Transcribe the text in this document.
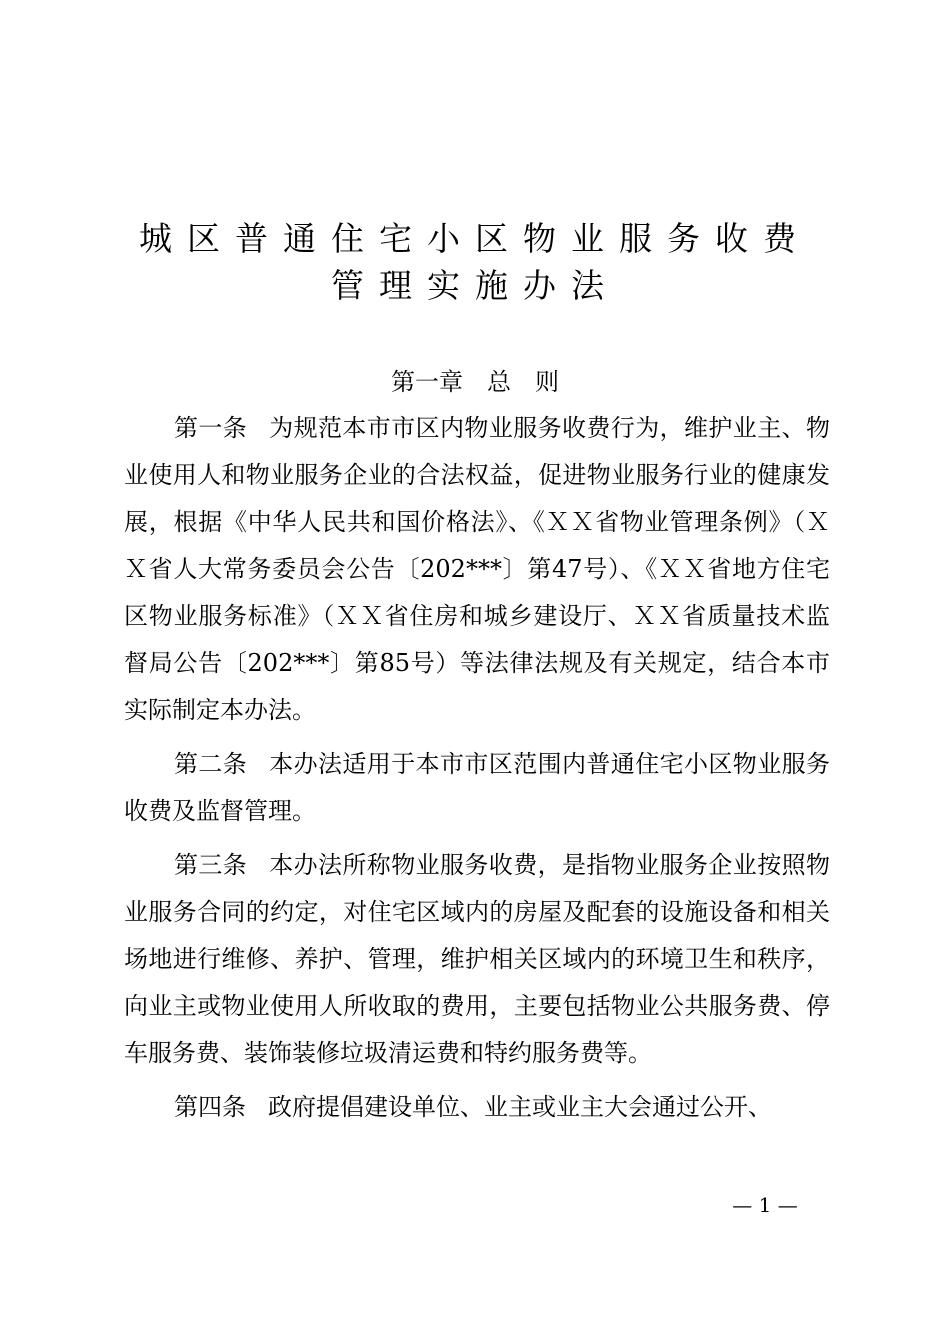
城区普通住宅小区物业服务收费
管理实施办法
第一章　总　则

第一条 为规范本市市区内物业服务收费行为，维护业主、物业使用人和物业服务企业的合法权益，促进物业服务行业的健康发展，根据《中华人民共和国价格法》、《ＸＸ省物业管理条例》（ＸＸ省人大常务委员会公告〔202***〕第47号）、《ＸＸ省地方住宅区物业服务标准》（ＸＸ省住房和城乡建设厅、ＸＸ省质量技术监督局公告〔202***〕第85号）等法律法规及有关规定，结合本市实际制定本办法。

第二条 本办法适用于本市市区范围内普通住宅小区物业服务收费及监督管理。

第三条 本办法所称物业服务收费，是指物业服务企业按照物业服务合同的约定，对住宅区域内的房屋及配套的设施设备和相关场地进行维修、养护、管理，维护相关区域内的环境卫生和秩序，向业主或物业使用人所收取的费用，主要包括物业公共服务费、停车服务费、装饰装修垃圾清运费和特约服务费等。

第四条 政府提倡建设单位、业主或业主大会通过公开、

— 1 —
